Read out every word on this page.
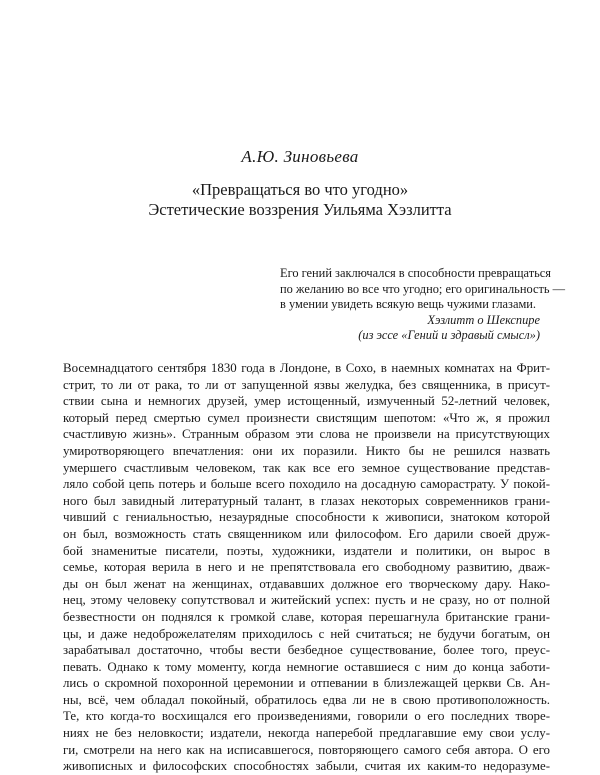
А.Ю. Зиновьева
«Превращаться во что угодно»
Эстетические воззрения Уильяма Хэзлитта
Его гений заключался в способности превращаться
по желанию во все что угодно; его оригинальность —
в умении увидеть всякую вещь чужими глазами.
Хэзлитт о Шекспире
(из эссе «Гений и здравый смысл»)
Восемнадцатого сентября 1830 года в Лондоне, в Сохо, в наемных комнатах на Фрит-
стрит, то ли от рака, то ли от запущенной язвы желудка, без священника, в присут-
ствии сына и немногих друзей, умер истощенный, измученный 52-летний человек,
который перед смертью сумел произнести свистящим шепотом: «Что ж, я прожил
счастливую жизнь». Странным образом эти слова не произвели на присутствующих
умиротворяющего впечатления: они их поразили. Никто бы не решился назвать
умершего счастливым человеком, так как все его земное существование представ-
ляло собой цепь потерь и больше всего походило на досадную саморастрату. У покой-
ного был завидный литературный талант, в глазах некоторых современников грани-
чивший с гениальностью, незаурядные способности к живописи, знатоком которой
он был, возможность стать священником или философом. Его дарили своей друж-
бой знаменитые писатели, поэты, художники, издатели и политики, он вырос в
семье, которая верила в него и не препятствовала его свободному развитию, дваж-
ды он был женат на женщинах, отдававших должное его творческому дару. Нако-
нец, этому человеку сопутствовал и житейский успех: пусть и не сразу, но от полной
безвестности он поднялся к громкой славе, которая перешагнула британские грани-
цы, и даже недоброжелателям приходилось с ней считаться; не будучи богатым, он
зарабатывал достаточно, чтобы вести безбедное существование, более того, преус-
певать. Однако к тому моменту, когда немногие оставшиеся с ним до конца заботи-
лись о скромной похоронной церемонии и отпевании в близлежащей церкви Св. Ан-
ны, всё, чем обладал покойный, обратилось едва ли не в свою противоположность.
Те, кто когда-то восхищался его произведениями, говорили о его последних творе-
ниях не без неловкости; издатели, некогда наперебой предлагавшие ему свои услу-
ги, смотрели на него как на исписавшегося, повторяющего самого себя автора. О его
живописных и философских способностях забыли, считая их каким-то недоразуме-
